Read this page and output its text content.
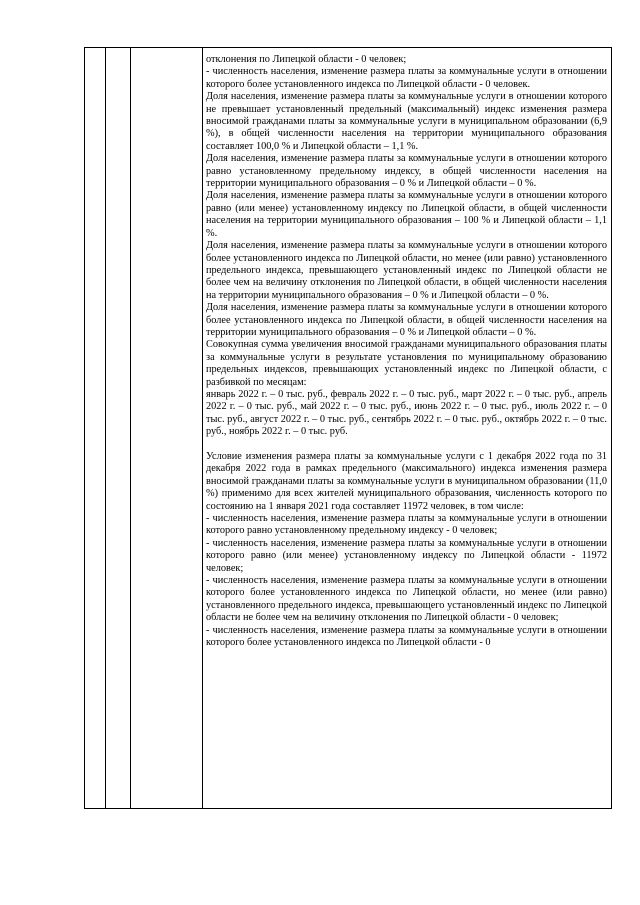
отклонения по Липецкой области - 0 человек;

- численность населения, изменение размера платы за коммунальные услуги в отношении которого более установленного индекса по Липецкой области - 0 человек.

Доля населения, изменение размера платы за коммунальные услуги в отношении которого не превышает установленный предельный (максимальный) индекс изменения размера вносимой гражданами платы за коммунальные услуги в муниципальном образовании (6,9 %), в общей численности населения на территории муниципального образования составляет 100,0 % и Липецкой области – 1,1 %.

Доля населения, изменение размера платы за коммунальные услуги в отношении которого равно установленному предельному индексу, в общей численности населения на территории муниципального образования – 0 % и Липецкой области – 0 %.

Доля населения, изменение размера платы за коммунальные услуги в отношении которого равно (или менее) установленному индексу по Липецкой области, в общей численности населения на территории муниципального образования – 100 % и Липецкой области – 1,1 %.

Доля населения, изменение размера платы за коммунальные услуги в отношении которого более установленного индекса по Липецкой области, но менее (или равно) установленного предельного индекса, превышающего установленный индекс по Липецкой области не более чем на величину отклонения по Липецкой области, в общей численности населения на территории муниципального образования – 0 % и Липецкой области – 0 %.

Доля населения, изменение размера платы за коммунальные услуги в отношении которого более установленного индекса по Липецкой области, в общей численности населения на территории муниципального образования – 0 % и Липецкой области – 0 %.

Совокупная сумма увеличения вносимой гражданами муниципального образования платы за коммунальные услуги в результате установления по муниципальному образованию предельных индексов, превышающих установленный индекс по Липецкой области, с разбивкой по месяцам:

январь 2022 г. – 0 тыс. руб., февраль 2022 г. – 0 тыс. руб., март 2022 г. – 0 тыс. руб., апрель 2022 г. – 0 тыс. руб., май 2022 г. – 0 тыс. руб., июнь 2022 г. – 0 тыс. руб., июль 2022 г. – 0 тыс. руб., август 2022 г. – 0 тыс. руб., сентябрь 2022 г. – 0 тыс. руб., октябрь 2022 г. – 0 тыс. руб., ноябрь 2022 г. – 0 тыс. руб.

Условие изменения размера платы за коммунальные услуги с 1 декабря 2022 года по 31 декабря 2022 года в рамках предельного (максимального) индекса изменения размера вносимой гражданами платы за коммунальные услуги в муниципальном образовании (11,0 %) применимо для всех жителей муниципального образования, численность которого по состоянию на 1 января 2021 года составляет 11972 человек, в том числе:

- численность населения, изменение размера платы за коммунальные услуги в отношении которого равно установленному предельному индексу - 0 человек;

- численность населения, изменение размера платы за коммунальные услуги в отношении которого равно (или менее) установленному индексу по Липецкой области - 11972 человек;

- численность населения, изменение размера платы за коммунальные услуги в отношении которого более установленного индекса по Липецкой области, но менее (или равно) установленного предельного индекса, превышающего установленный индекс по Липецкой области не более чем на величину отклонения по Липецкой области - 0 человек;

- численность населения, изменение размера платы за коммунальные услуги в отношении которого более установленного индекса по Липецкой области - 0
